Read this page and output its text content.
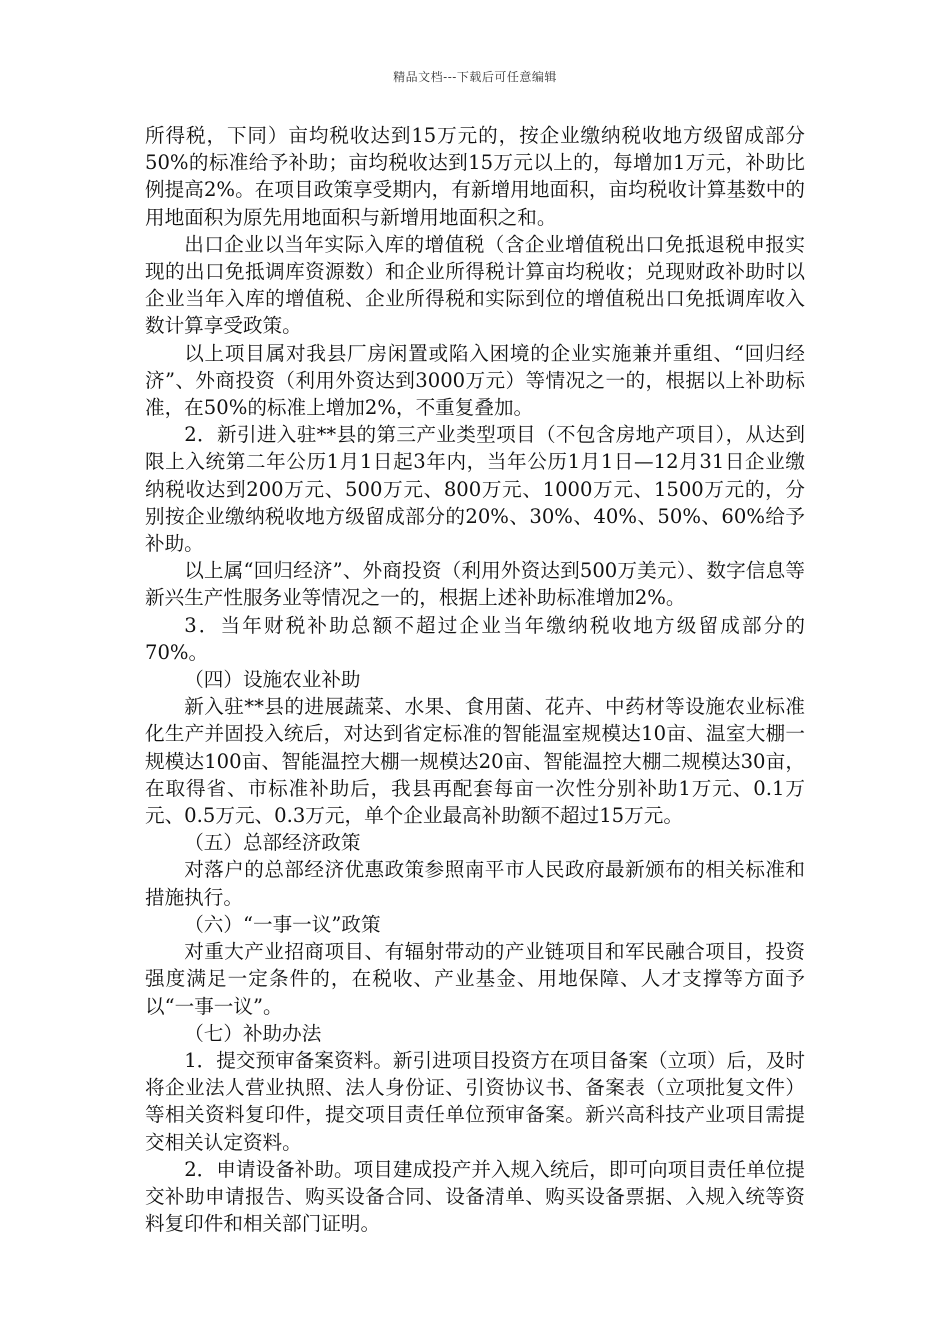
精品文档---下载后可任意编辑

所得税，下同）亩均税收达到15万元的，按企业缴纳税收地方级留成部分50%的标准给予补助；亩均税收达到15万元以上的，每增加1万元，补助比例提高2%。在项目政策享受期内，有新增用地面积，亩均税收计算基数中的用地面积为原先用地面积与新增用地面积之和。

出口企业以当年实际入库的增值税（含企业增值税出口免抵退税申报实现的出口免抵调库资源数）和企业所得税计算亩均税收；兑现财政补助时以企业当年入库的增值税、企业所得税和实际到位的增值税出口免抵调库收入数计算享受政策。

以上项目属对我县厂房闲置或陷入困境的企业实施兼并重组、“回归经济”、外商投资（利用外资达到3000万元）等情况之一的，根据以上补助标准，在50%的标准上增加2%，不重复叠加。

2．新引进入驻**县的第三产业类型项目（不包含房地产项目），从达到限上入统第二年公历1月1日起3年内，当年公历1月1日—12月31日企业缴纳税收达到200万元、500万元、800万元、1000万元、1500万元的，分别按企业缴纳税收地方级留成部分的20%、30%、40%、50%、60%给予补助。

以上属“回归经济”、外商投资（利用外资达到500万美元）、数字信息等新兴生产性服务业等情况之一的，根据上述补助标准增加2%。

3．当年财税补助总额不超过企业当年缴纳税收地方级留成部分的70%。

（四）设施农业补助

新入驻**县的进展蔬菜、水果、食用菌、花卉、中药材等设施农业标准化生产并固投入统后，对达到省定标准的智能温室规模达10亩、温室大棚一规模达100亩、智能温控大棚一规模达20亩、智能温控大棚二规模达30亩，在取得省、市标准补助后，我县再配套每亩一次性分别补助1万元、0.1万元、0.5万元、0.3万元，单个企业最高补助额不超过15万元。

（五）总部经济政策

对落户的总部经济优惠政策参照南平市人民政府最新颁布的相关标准和措施执行。

（六）“一事一议”政策

对重大产业招商项目、有辐射带动的产业链项目和军民融合项目，投资强度满足一定条件的，在税收、产业基金、用地保障、人才支撑等方面予以“一事一议”。

（七）补助办法

1．提交预审备案资料。新引进项目投资方在项目备案（立项）后，及时将企业法人营业执照、法人身份证、引资协议书、备案表（立项批复文件）等相关资料复印件，提交项目责任单位预审备案。新兴高科技产业项目需提交相关认定资料。

2．申请设备补助。项目建成投产并入规入统后，即可向项目责任单位提交补助申请报告、购买设备合同、设备清单、购买设备票据、入规入统等资料复印件和相关部门证明。
